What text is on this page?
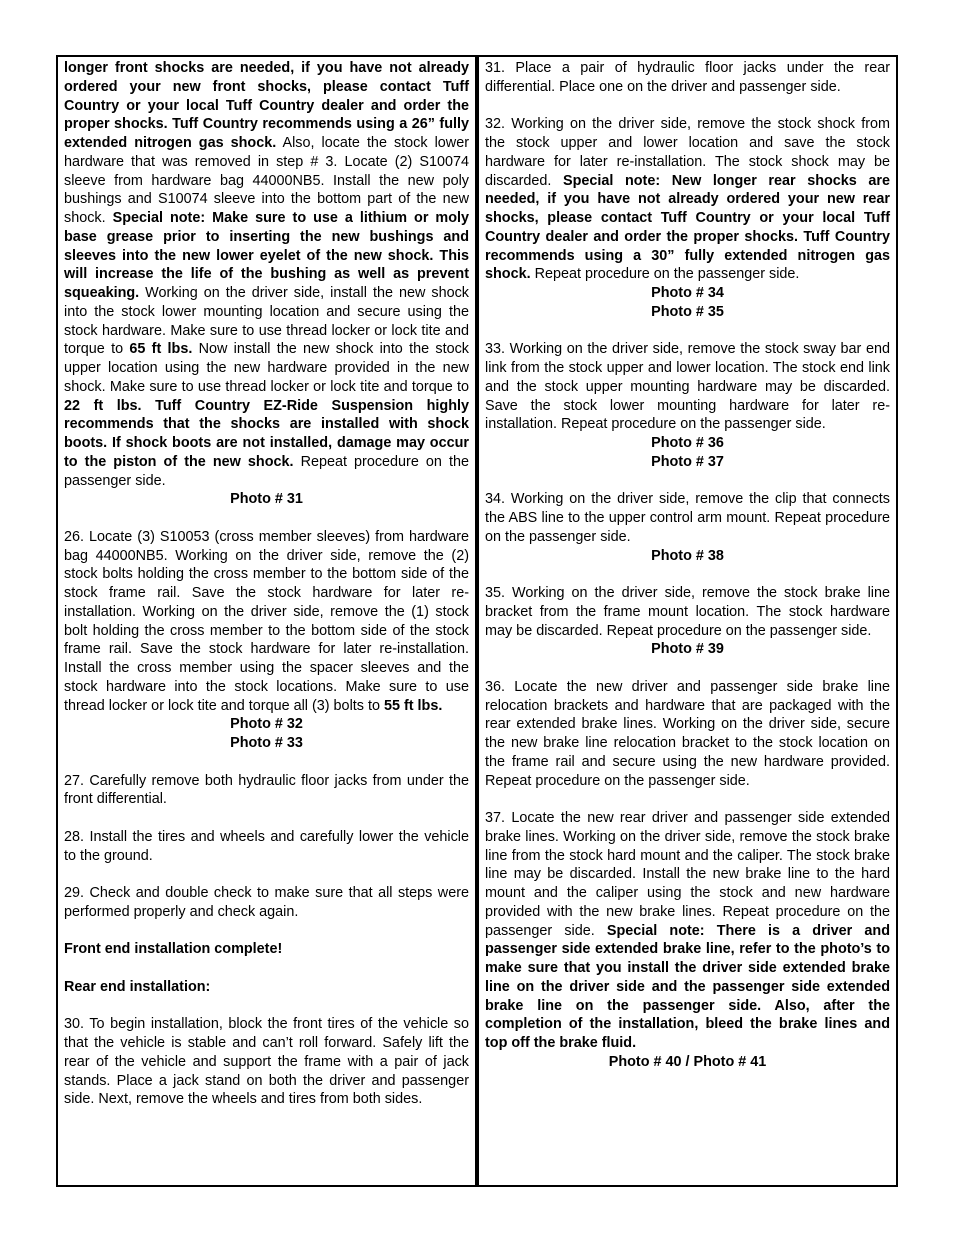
longer front shocks are needed, if you have not already ordered your new front shocks, please contact Tuff Country or your local Tuff Country dealer and order the proper shocks. Tuff Country recommends using a 26” fully extended nitrogen gas shock. Also, locate the stock lower hardware that was removed in step # 3. Locate (2) S10074 sleeve from hardware bag 44000NB5. Install the new poly bushings and S10074 sleeve into the bottom part of the new shock. Special note: Make sure to use a lithium or moly base grease prior to inserting the new bushings and sleeves into the new lower eyelet of the new shock. This will increase the life of the bushing as well as prevent squeaking. Working on the driver side, install the new shock into the stock lower mounting location and secure using the stock hardware. Make sure to use thread locker or lock tite and torque to 65 ft lbs. Now install the new shock into the stock upper location using the new hardware provided in the new shock. Make sure to use thread locker or lock tite and torque to 22 ft lbs. Tuff Country EZ-Ride Suspension highly recommends that the shocks are installed with shock boots. If shock boots are not installed, damage may occur to the piston of the new shock. Repeat procedure on the passenger side.

Photo # 31

26. Locate (3) S10053 (cross member sleeves) from hardware bag 44000NB5. Working on the driver side, remove the (2) stock bolts holding the cross member to the bottom side of the stock frame rail. Save the stock hardware for later re-installation. Working on the driver side, remove the (1) stock bolt holding the cross member to the bottom side of the stock frame rail. Save the stock hardware for later re-installation. Install the cross member using the spacer sleeves and the stock hardware into the stock locations. Make sure to use thread locker or lock tite and torque all (3) bolts to 55 ft lbs.

Photo # 32

Photo # 33

27. Carefully remove both hydraulic floor jacks from under the front differential.

28. Install the tires and wheels and carefully lower the vehicle to the ground.

29. Check and double check to make sure that all steps were performed properly and check again.

Front end installation complete!

Rear end installation:

30. To begin installation, block the front tires of the vehicle so that the vehicle is stable and can’t roll forward. Safely lift the rear of the vehicle and support the frame with a pair of jack stands. Place a jack stand on both the driver and passenger side. Next, remove the wheels and tires from both sides.

31. Place a pair of hydraulic floor jacks under the rear differential. Place one on the driver and passenger side.

32. Working on the driver side, remove the stock shock from the stock upper and lower location and save the stock hardware for later re-installation. The stock shock may be discarded. Special note: New longer rear shocks are needed, if you have not already ordered your new rear shocks, please contact Tuff Country or your local Tuff Country dealer and order the proper shocks. Tuff Country recommends using a 30” fully extended nitrogen gas shock. Repeat procedure on the passenger side.

Photo # 34

Photo # 35

33. Working on the driver side, remove the stock sway bar end link from the stock upper and lower location. The stock end link and the stock upper mounting hardware may be discarded. Save the stock lower mounting hardware for later re-installation. Repeat procedure on the passenger side.

Photo # 36

Photo # 37

34. Working on the driver side, remove the clip that connects the ABS line to the upper control arm mount. Repeat procedure on the passenger side.

Photo # 38

35. Working on the driver side, remove the stock brake line bracket from the frame mount location. The stock hardware may be discarded. Repeat procedure on the passenger side.

Photo # 39

36. Locate the new driver and passenger side brake line relocation brackets and hardware that are packaged with the rear extended brake lines. Working on the driver side, secure the new brake line relocation bracket to the stock location on the frame rail and secure using the new hardware provided. Repeat procedure on the passenger side.

37. Locate the new rear driver and passenger side extended brake lines. Working on the driver side, remove the stock brake line from the stock hard mount and the caliper. The stock brake line may be discarded. Install the new brake line to the hard mount and the caliper using the stock and new hardware provided with the new brake lines. Repeat procedure on the passenger side. Special note: There is a driver and passenger side extended brake line, refer to the photo’s to make sure that you install the driver side extended brake line on the driver side and the passenger side extended brake line on the passenger side. Also, after the completion of the installation, bleed the brake lines and top off the brake fluid.

Photo # 40 / Photo # 41
